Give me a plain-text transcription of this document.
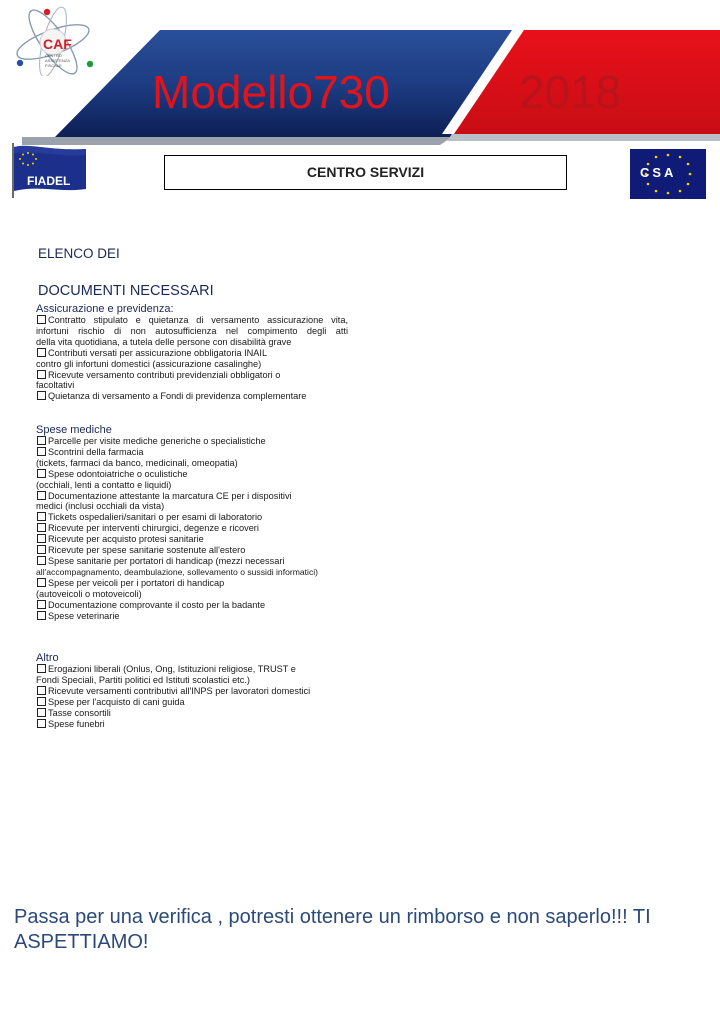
Modello730	2018
CAF
CENTRO ASSISTENZA FISCALE
FIADEL
CSA
CENTRO SERVIZI
ELENCO DEI
DOCUMENTI NECESSARI
Assicurazione e previdenza:
Contratto stipulato e quietanza di versamento assicurazione vita,
infortuni rischio di non autosufficienza nel compimento degli atti
della vita quotidiana, a tutela delle persone con disabilità grave
Contributi versati per assicurazione obbligatoria INAIL
contro gli infortuni domestici (assicurazione casalinghe)
Ricevute versamento contributi previdenziali obbligatori o
facoltativi
Quietanza di versamento a Fondi di previdenza complementare
Spese mediche
Parcelle per visite mediche generiche o specialistiche
Scontrini della farmacia
(tickets, farmaci da banco, medicinali, omeopatia)
Spese odontoiatriche o oculistiche
(occhiali, lenti a contatto e liquidi)
Documentazione attestante la marcatura CE per i dispositivi
medici (inclusi occhiali da vista)
Tickets ospedalieri/sanitari o per esami di laboratorio
Ricevute per interventi chirurgici, degenze e ricoveri
Ricevute per acquisto protesi sanitarie
Ricevute per spese sanitarie sostenute all'estero
Spese sanitarie per portatori di handicap (mezzi necessari
all'accompagnamento, deambulazione, sollevamento o sussidi informatici)
Spese per veicoli per i portatori di handicap
(autoveicoli o motoveicoli)
Documentazione comprovante il costo per la badante
Spese veterinarie
Altro
Erogazioni liberali (Onlus, Ong, Istituzioni religiose, TRUST e
Fondi Speciali, Partiti politici ed Istituti scolastici etc.)
Ricevute versamenti contributivi all'INPS per lavoratori domestici
Spese per l'acquisto di cani guida
Tasse consortili
Spese funebri
Passa per una verifica , potresti ottenere un rimborso e non saperlo!!! TI ASPETTIAMO!
